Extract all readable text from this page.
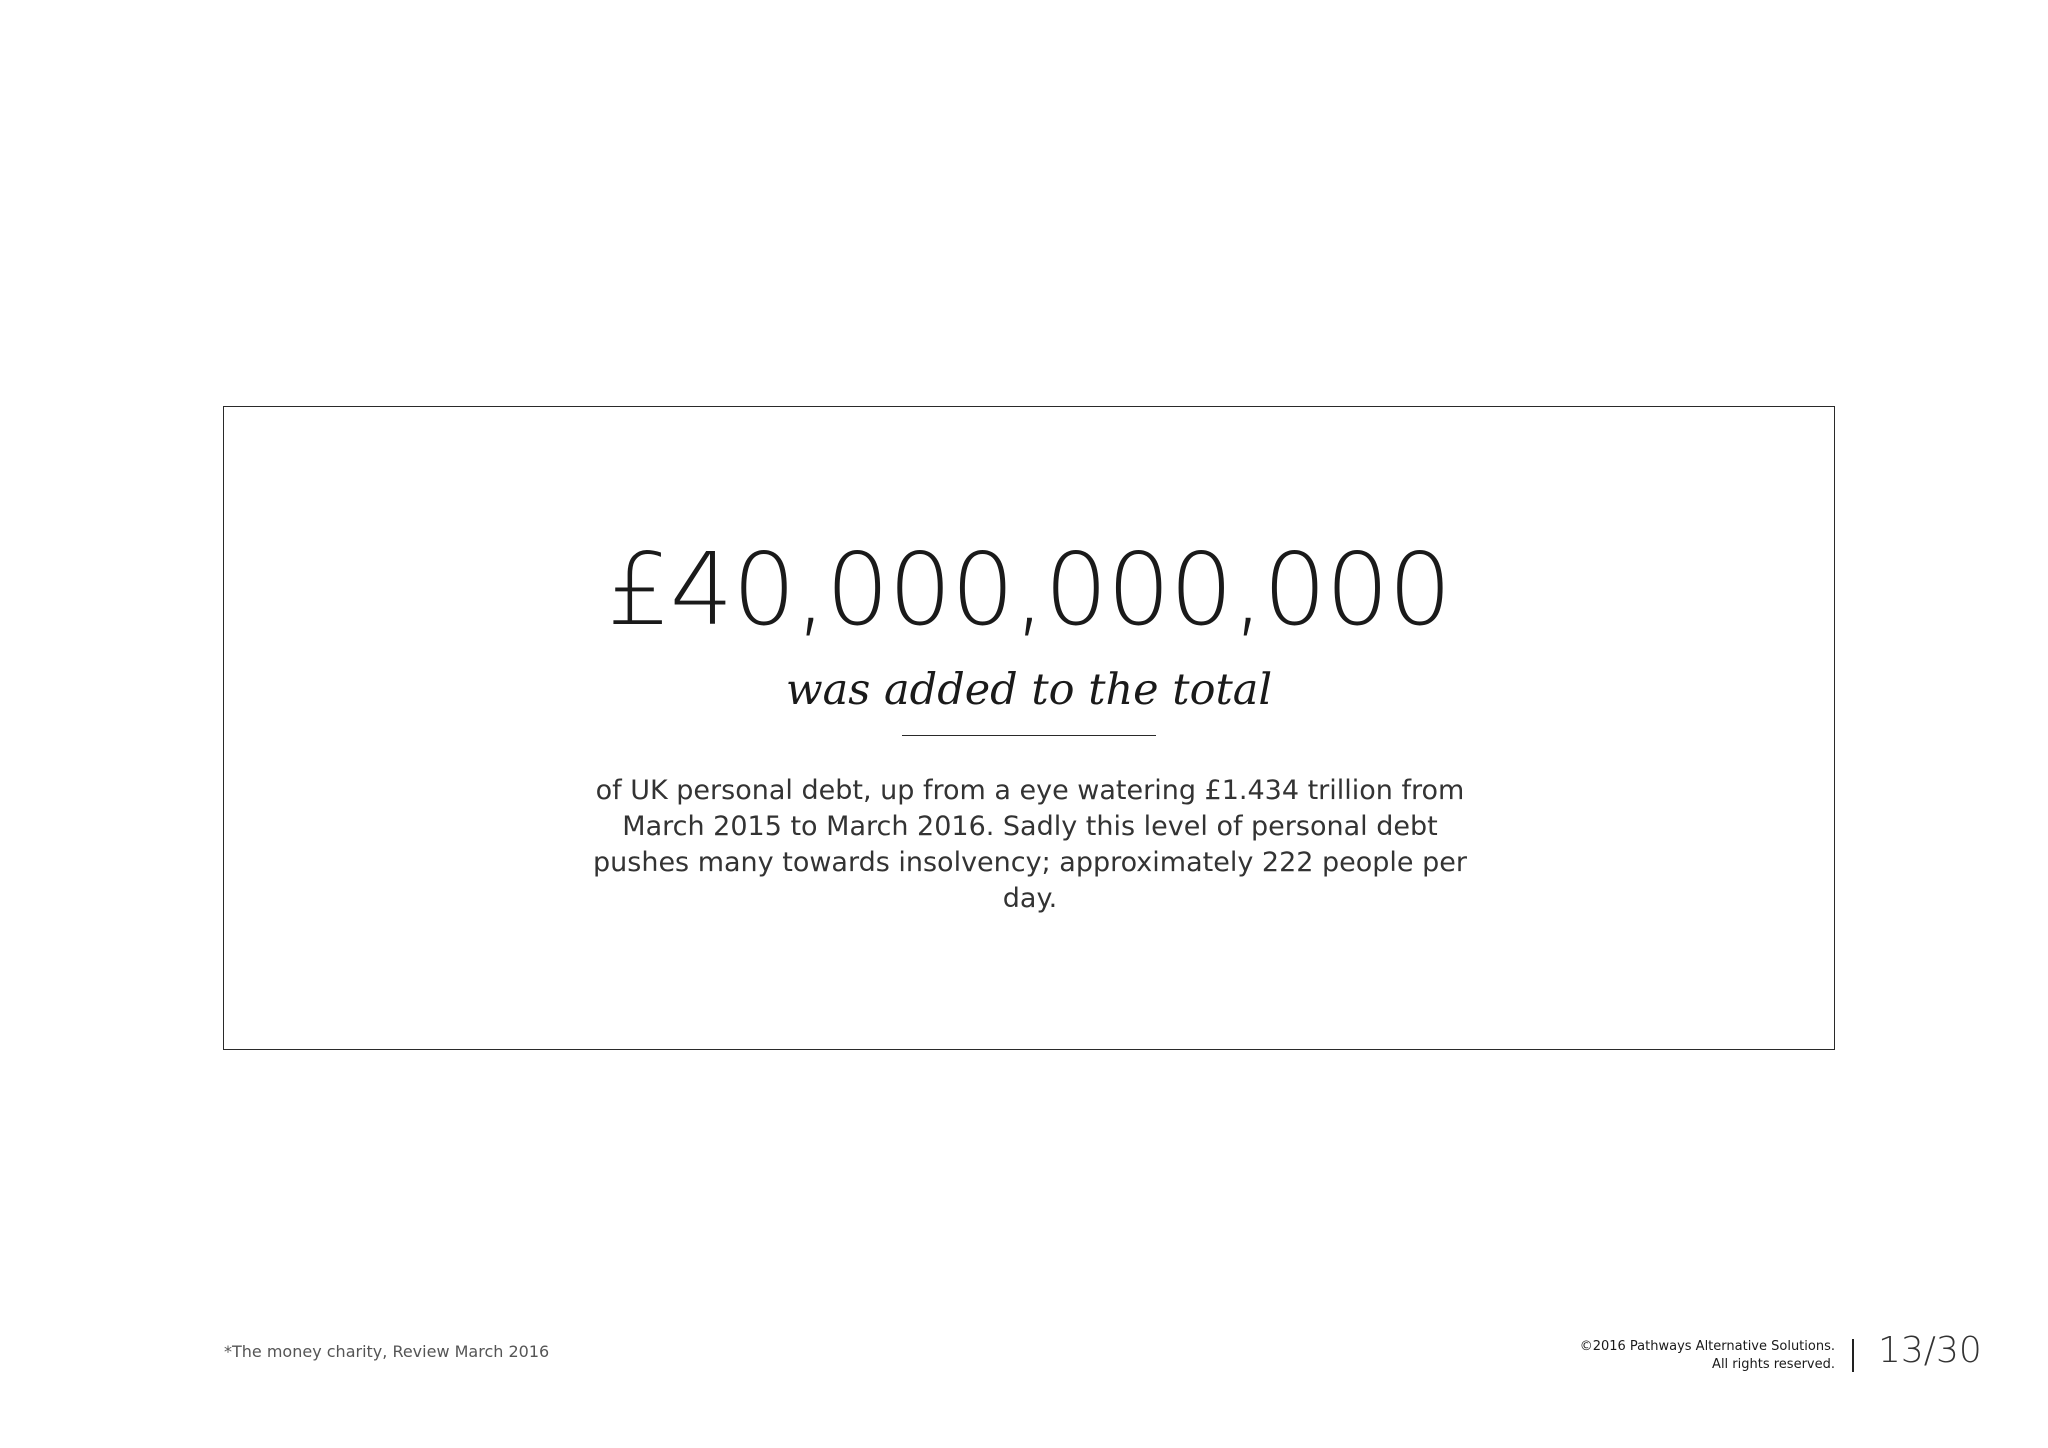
£40,000,000,000
was added to the total
of UK personal debt, up from a eye watering £1.434 trillion from March 2015 to March 2016. Sadly this level of personal debt pushes many towards insolvency; approximately 222 people per day.
*The money charity, Review March 2016	©2016 Pathways Alternative Solutions.
All rights reserved. 13/30
